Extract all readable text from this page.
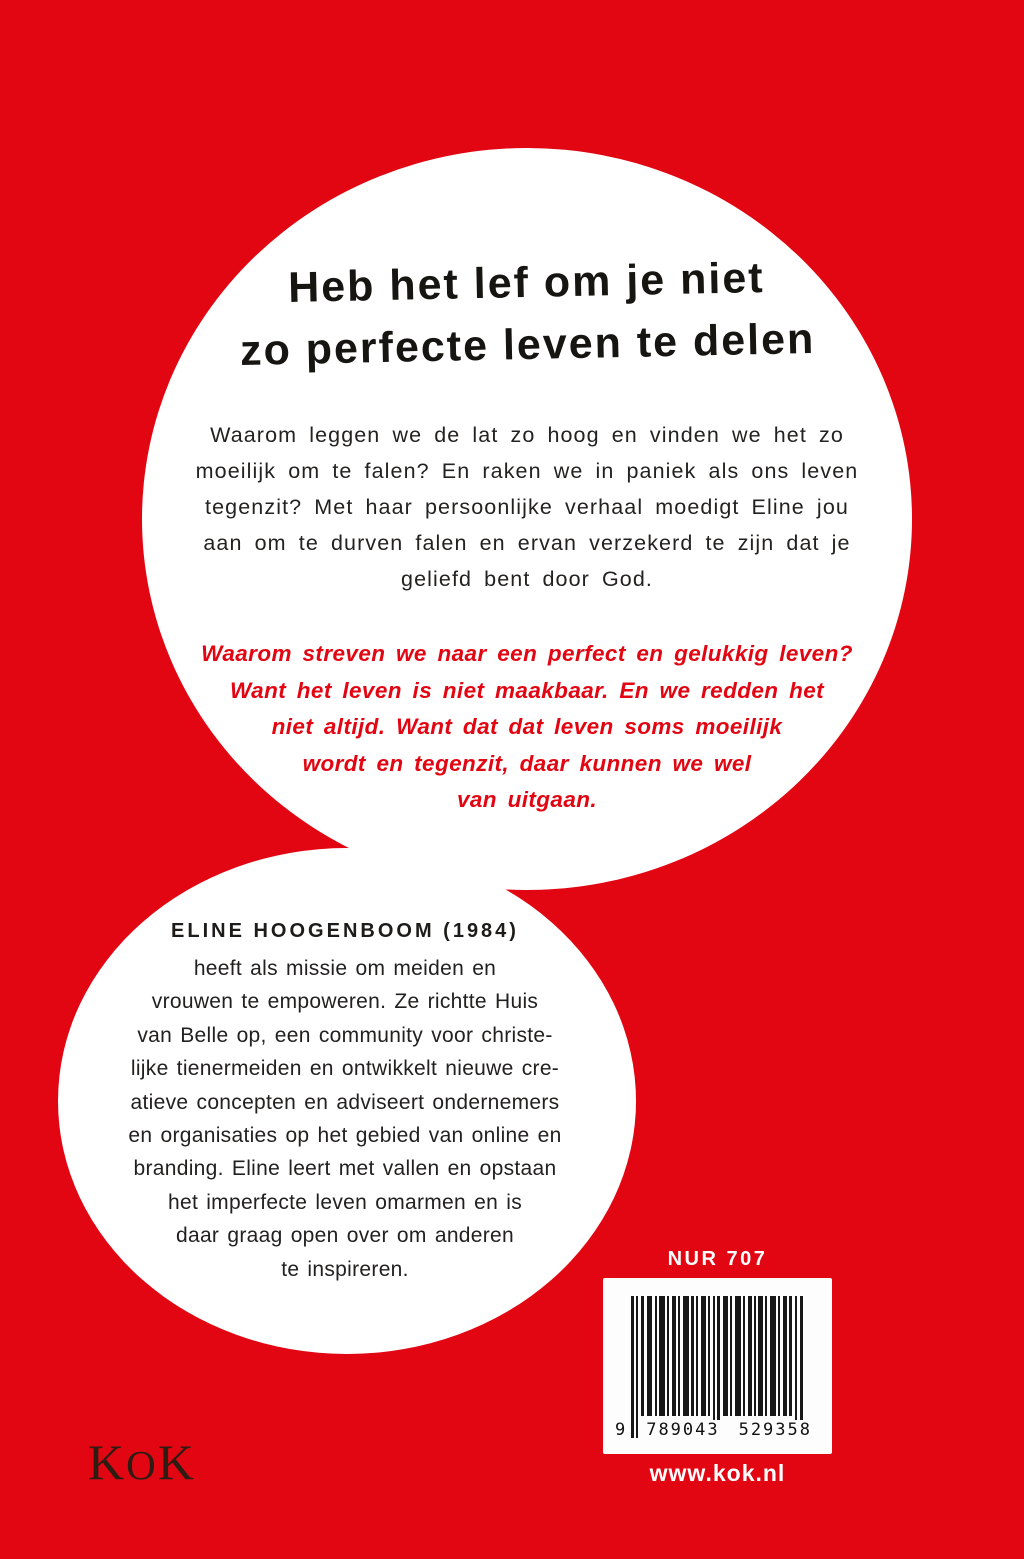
Heb het lef om je niet
zo perfecte leven te delen
Waarom leggen we de lat zo hoog en vinden we het zo
moeilijk om te falen? En raken we in paniek als ons leven
tegenzit? Met haar persoonlijke verhaal moedigt Eline jou
aan om te durven falen en ervan verzekerd te zijn dat je
geliefd bent door God.
Waarom streven we naar een perfect en gelukkig leven?
Want het leven is niet maakbaar. En we redden het
niet altijd. Want dat dat leven soms moeilijk
wordt en tegenzit, daar kunnen we wel
van uitgaan.
ELINE HOOGENBOOM (1984)
heeft als missie om meiden en
vrouwen te empoweren. Ze richtte Huis
van Belle op, een community voor christe-
lijke tienermeiden en ontwikkelt nieuwe cre-
atieve concepten en adviseert ondernemers
en organisaties op het gebied van online en
branding. Eline leert met vallen en opstaan
het imperfecte leven omarmen en is
daar graag open over om anderen
te inspireren.	NUR 707
9 789043 529358
www.kok.nl
KOK
